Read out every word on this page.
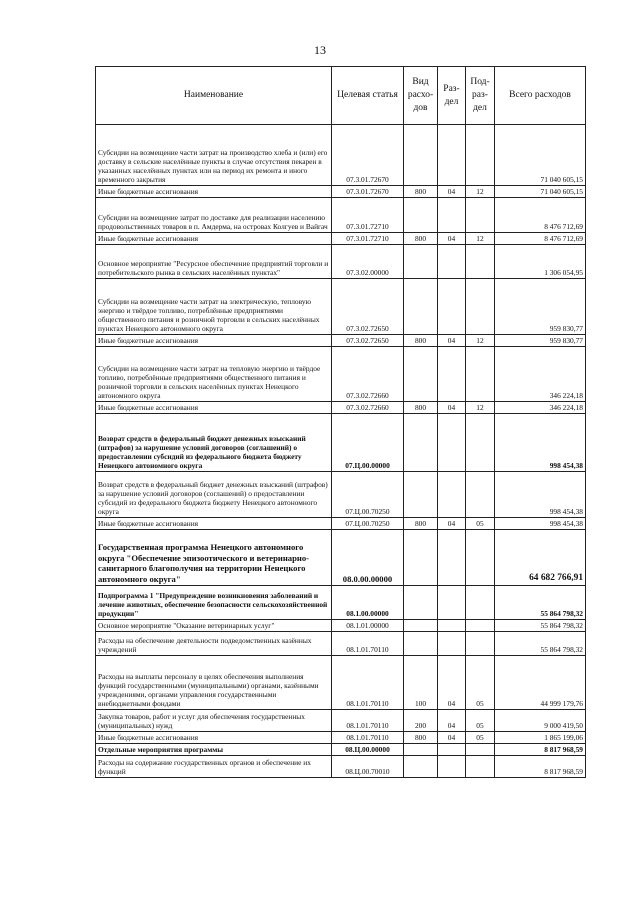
13
Наименование	Целевая статья	Вид расхо-дов	Раз-дел	Под-раз-дел	Всего расходов
Субсидии на возмещение части затрат на производство хлеба и (или) его доставку в сельские населённые пункты в случае отсутствия пекарен в указанных населённых пунктах или на период их ремонта и иного временного закрытия	07.3.01.72670				71 040 605,15
Иные бюджетные ассигнования	07.3.01.72670	800	04	12	71 040 605,15
Субсидии на возмещение затрат по доставке для реализации населению продовольственных товаров в п. Амдерма, на островах Колгуев и Вайгач	07.3.01.72710				8 476 712,69
Иные бюджетные ассигнования	07.3.01.72710	800	04	12	8 476 712,69
Основное мероприятие "Ресурсное обеспечение предприятий торговли и потребительского рынка в сельских населённых пунктах"	07.3.02.00000				1 306 054,95
Субсидии на возмещение части затрат на электрическую, тепловую энергию и твёрдое топливо, потреблённые предприятиями общественного питания и розничной торговли в сельских населённых пунктах Ненецкого автономного округа	07.3.02.72650				959 830,77
Иные бюджетные ассигнования	07.3.02.72650	800	04	12	959 830,77
Субсидии на возмещение части затрат на тепловую энергию и твёрдое топливо, потреблённые предприятиями общественного питания и розничной торговли в сельских населённых пунктах Ненецкого автономного округа	07.3.02.72660				346 224,18
Иные бюджетные ассигнования	07.3.02.72660	800	04	12	346 224,18
Возврат средств в федеральный бюджет денежных взысканий (штрафов) за нарушение условий договоров (соглашений) о предоставлении субсидий из федерального бюджета бюджету Ненецкого автономного округа	07.Ц.00.00000				998 454,38
Возврат средств в федеральный бюджет денежных взысканий (штрафов) за нарушение условий договоров (соглашений) о предоставлении субсидий из федерального бюджета бюджету Ненецкого автономного округа	07.Ц.00.70250				998 454,38
Иные бюджетные ассигнования	07.Ц.00.70250	800	04	05	998 454,38
Государственная программа Ненецкого автономного округа "Обеспечение эпизоотического и ветеринарно-санитарного благополучия на территории Ненецкого автономного округа"	08.0.00.00000				64 682 766,91
Подпрограмма 1 "Предупреждение возникновения заболеваний и лечение животных, обеспечение безопасности сельскохозяйственной продукции"	08.1.00.00000				55 864 798,32
Основное мероприятие "Оказание ветеринарных услуг"	08.1.01.00000				55 864 798,32
Расходы на обеспечение деятельности подведомственных казённых учреждений	08.1.01.70110				55 864 798,32
Расходы на выплаты персоналу в целях обеспечения выполнения функций государственными (муниципальными) органами, казёнными учреждениями, органами управления государственными внебюджетными фондами	08.1.01.70110	100	04	05	44 999 179,76
Закупка товаров, работ и услуг для обеспечения государственных (муниципальных) нужд	08.1.01.70110	200	04	05	9 000 419,50
Иные бюджетные ассигнования	08.1.01.70110	800	04	05	1 865 199,06
Отдельные мероприятия программы	08.Ц.00.00000				8 817 968,59
Расходы на содержание государственных органов и обеспечение их функций	08.Ц.00.70010				8 817 968,59
